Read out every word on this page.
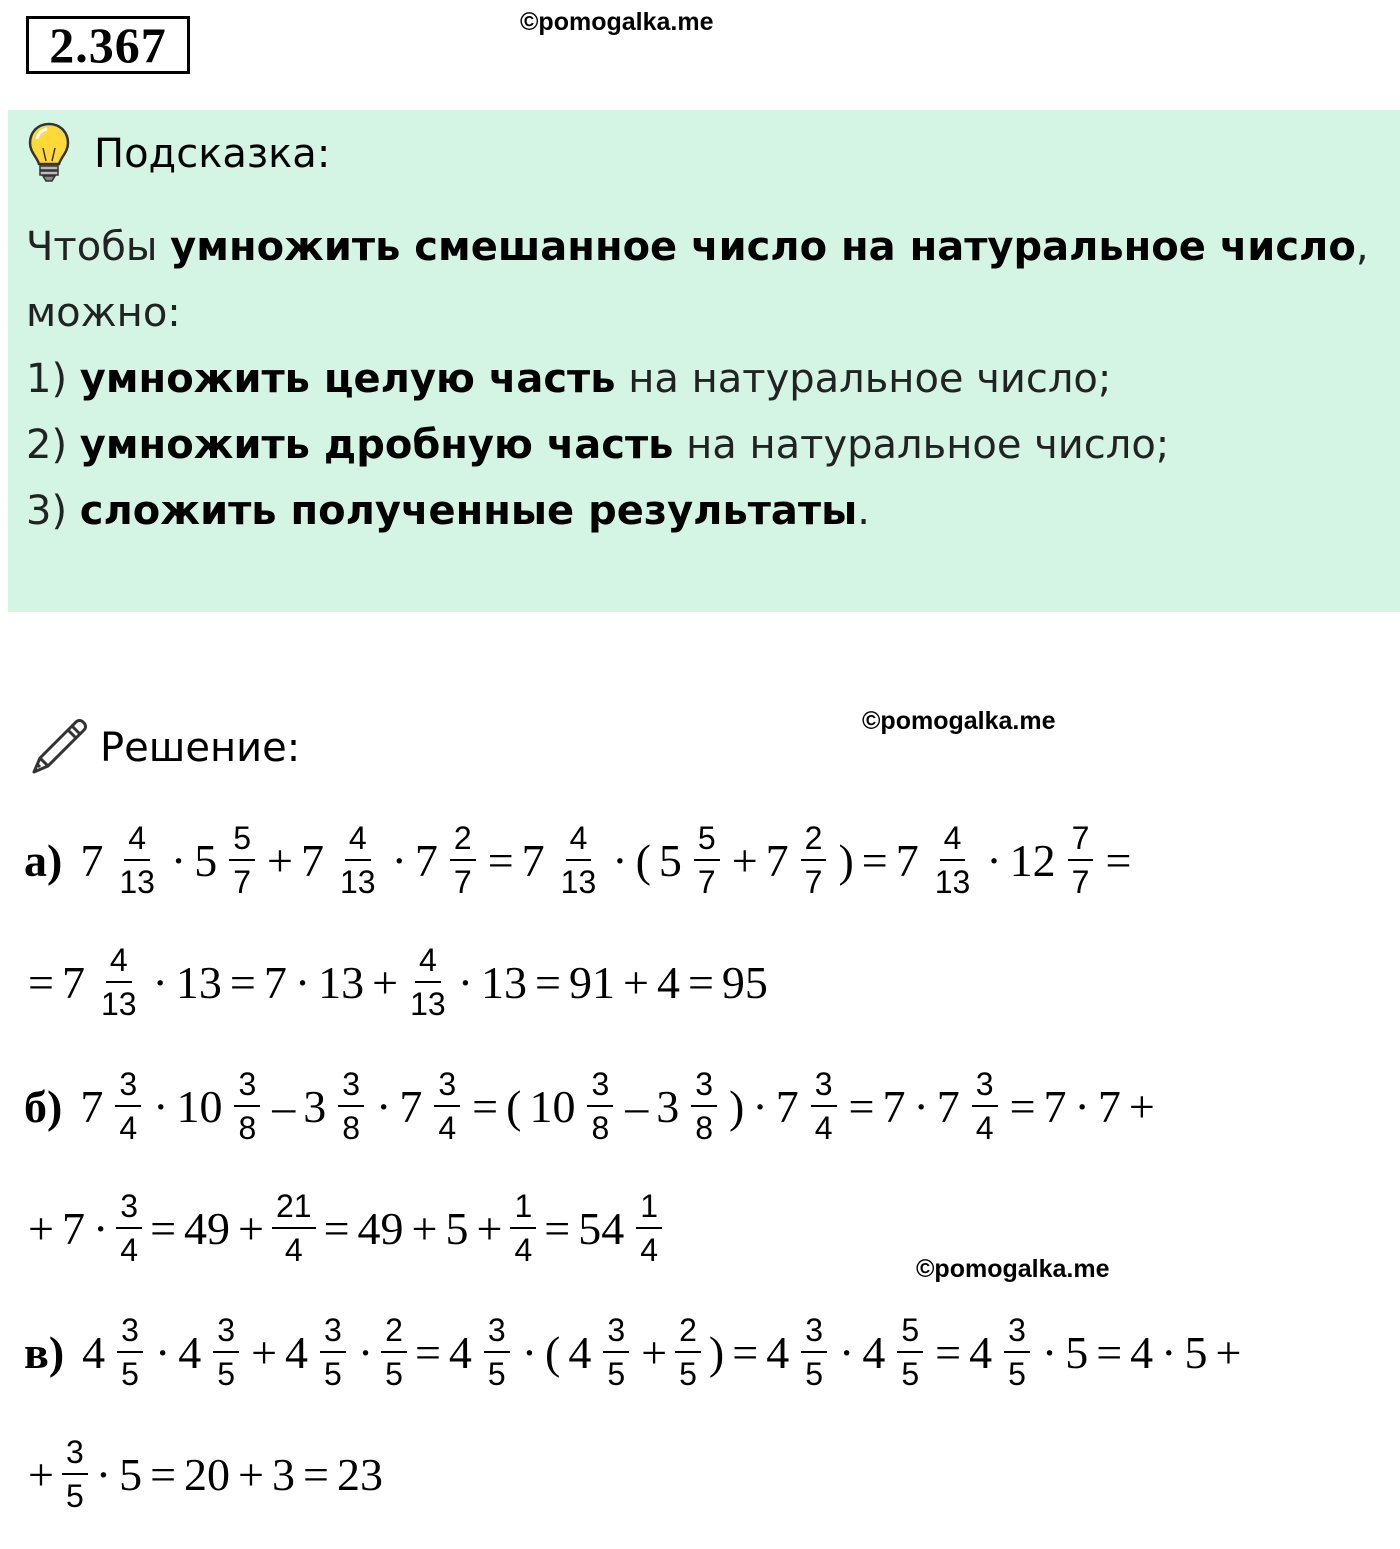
2.367	©pomogalka.me
Подсказка:
Чтобы умножить смешанное число на натуральное число,
можно:
1) умножить целую часть на натуральное число;
2) умножить дробную часть на натуральное число;
3) сложить полученные результаты.
Решение:
©pomogalka.me
©pomogalka.me
а) $7 \frac{4}{13} \cdot 5 \frac{5}{7} + 7 \frac{4}{13} \cdot 7 \frac{2}{7} = 7 \frac{4}{13}$ · ( $5 \frac{5}{7} + 7 \frac{2}{7}$ ) = $7 \frac{4}{13} \cdot 12 \frac{7}{7}$ =
= $7 \frac{4}{13} \cdot 13 = 7 \cdot 13 + \frac{4}{13} \cdot 13 = 91 + 4 = 95$
б) $7 \frac{3}{4} \cdot 10 \frac{3}{8} - 3 \frac{3}{8} \cdot 7 \frac{3}{4}$ = ( $10 \frac{3}{8} - 3 \frac{3}{8}$ ) · $7 \frac{3}{4} = 7 \cdot 7 \frac{3}{4} = 7 \cdot 7$ +
+ $7 \cdot \frac{3}{4} = 49 + \frac{21}{4} = 49 + 5 + \frac{1}{4} = 54 \frac{1}{4}$
в) $4 \frac{3}{5} \cdot 4 \frac{3}{5} + 4 \frac{3}{5} \cdot \frac{2}{5} = 4 \frac{3}{5}$ · ( $4 \frac{3}{5} + \frac{2}{5}$ ) = $4 \frac{3}{5} \cdot 4 \frac{5}{5} = 4 \frac{3}{5} \cdot 5 = 4 \cdot 5$ +
+ $\frac{3}{5} \cdot 5 = 20 + 3 = 23$
